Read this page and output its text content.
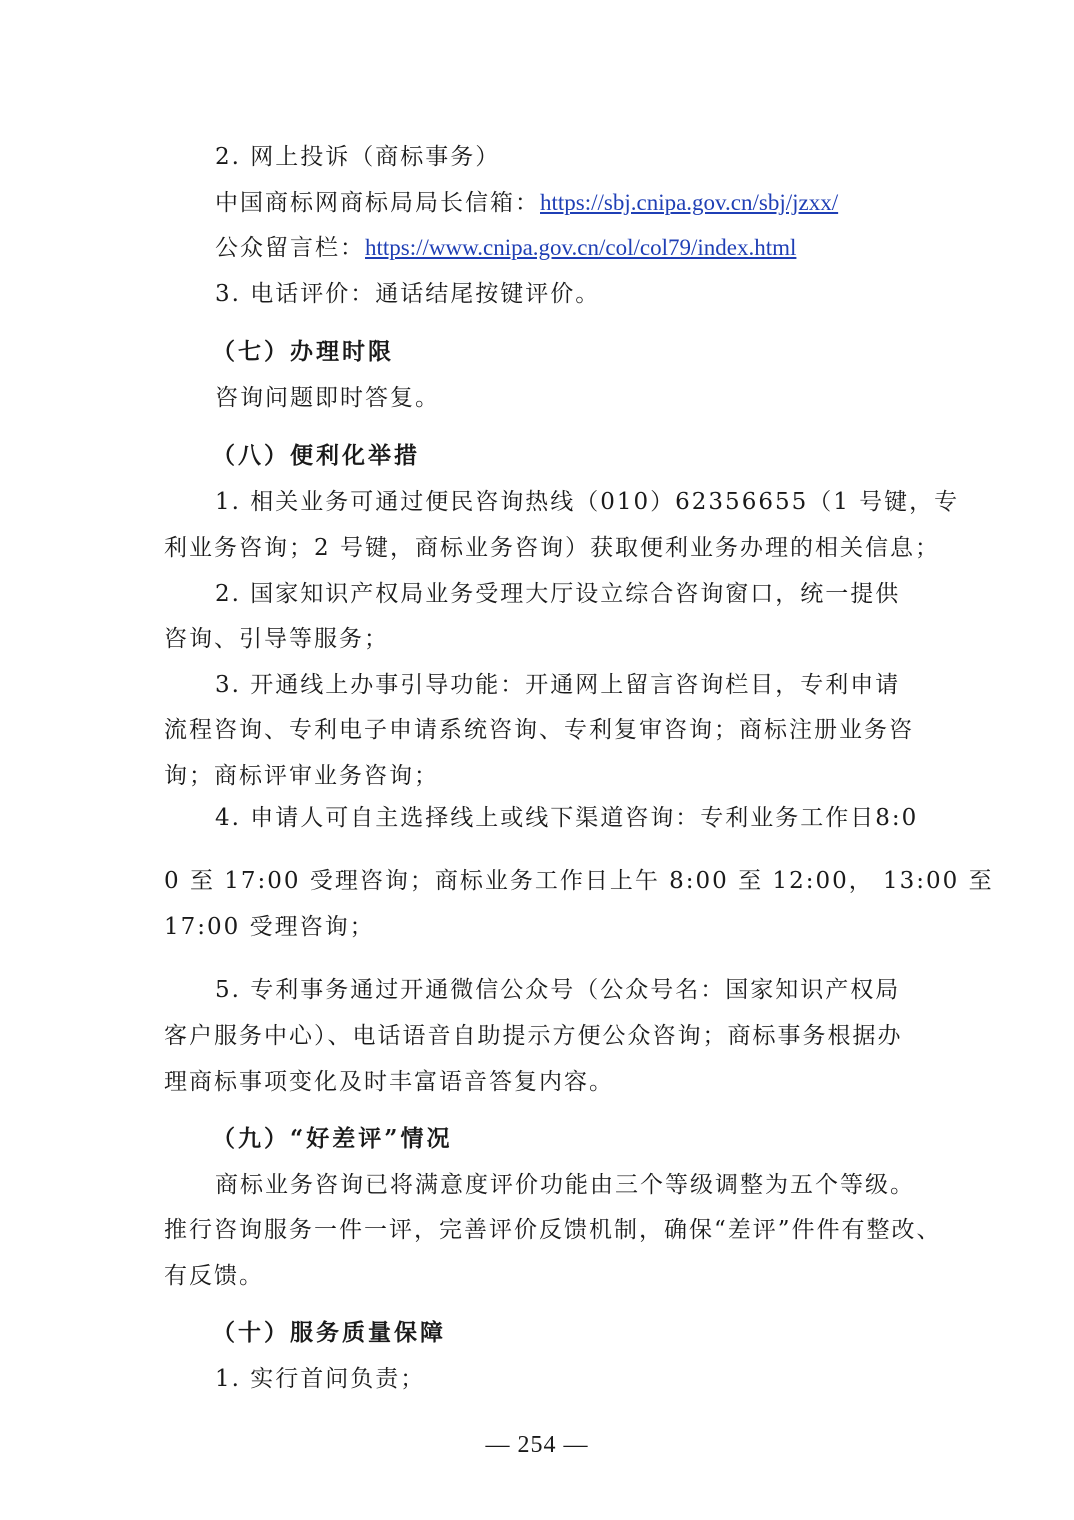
2. 网上投诉（商标事务）
中国商标网商标局局长信箱：https://sbj.cnipa.gov.cn/sbj/jzxx/
公众留言栏：https://www.cnipa.gov.cn/col/col79/index.html
3. 电话评价：通话结尾按键评价。
（七）办理时限
咨询问题即时答复。
（八）便利化举措
1. 相关业务可通过便民咨询热线（010）62356655（1 号键，专
利业务咨询；2 号键，商标业务咨询）获取便利业务办理的相关信息；
2. 国家知识产权局业务受理大厅设立综合咨询窗口，统一提供
咨询、引导等服务；
3. 开通线上办事引导功能：开通网上留言咨询栏目，专利申请
流程咨询、专利电子申请系统咨询、专利复审咨询；商标注册业务咨
询；商标评审业务咨询；
4. 申请人可自主选择线上或线下渠道咨询：专利业务工作日8:0
0 至 17:00 受理咨询；商标业务工作日上午 8:00 至 12:00， 13:00 至
17:00 受理咨询；
5. 专利事务通过开通微信公众号（公众号名：国家知识产权局
客户服务中心）、电话语音自助提示方便公众咨询；商标事务根据办
理商标事项变化及时丰富语音答复内容。
（九）“好差评”情况
商标业务咨询已将满意度评价功能由三个等级调整为五个等级。
推行咨询服务一件一评，完善评价反馈机制，确保“差评”件件有整改、
有反馈。
（十）服务质量保障
1. 实行首问负责；
— 254 —
